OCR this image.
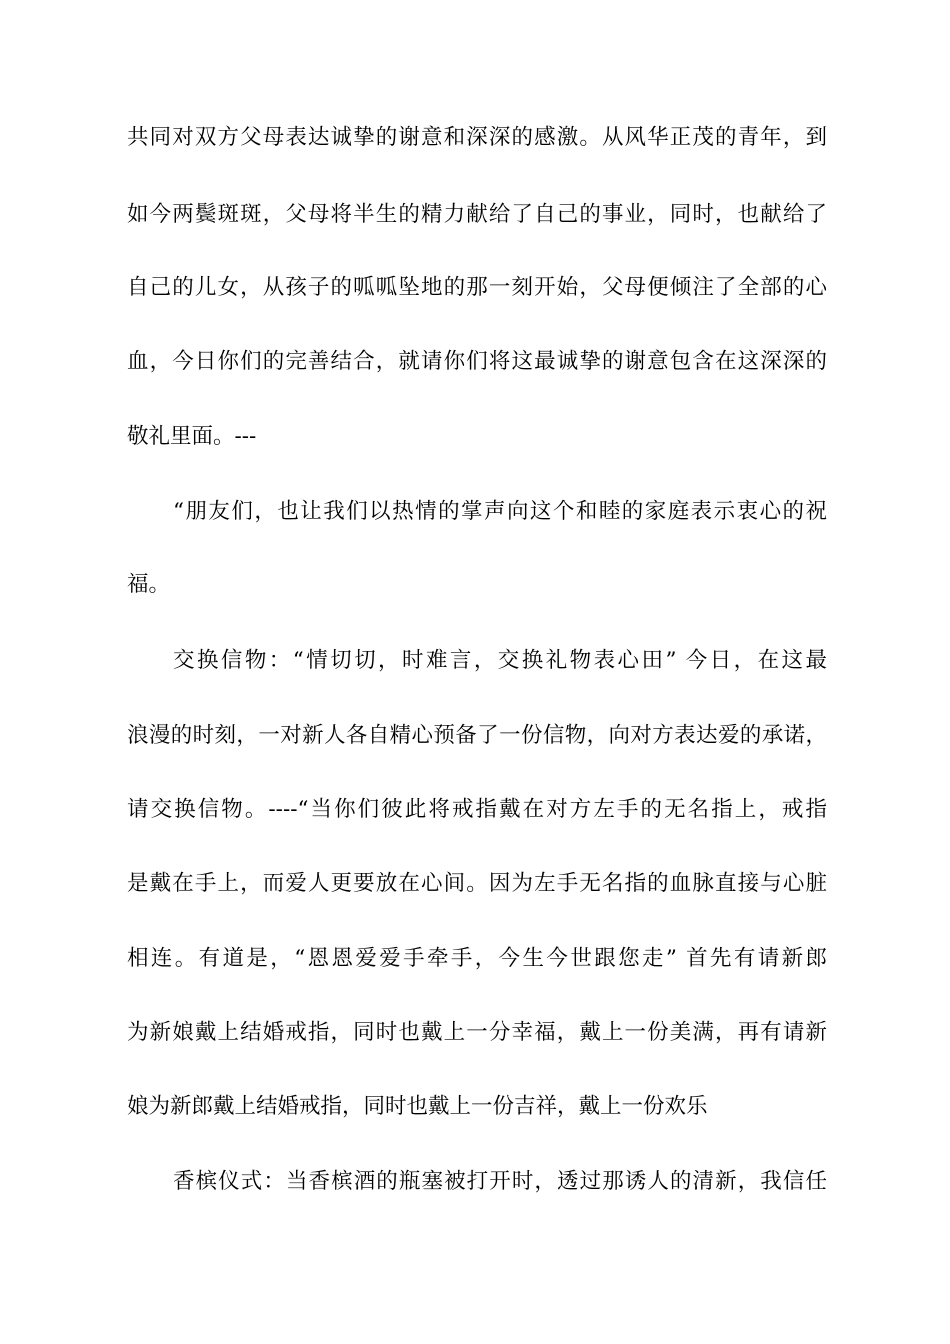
共同对双方父母表达诚挚的谢意和深深的感激。从风华正茂的青年，到
如今两鬓斑斑，父母将半生的精力献给了自己的事业，同时，也献给了
自己的儿女，从孩子的呱呱坠地的那一刻开始，父母便倾注了全部的心
血，今日你们的完善结合，就请你们将这最诚挚的谢意包含在这深深的
敬礼里面。---
“朋友们，也让我们以热情的掌声向这个和睦的家庭表示衷心的祝
福。
交换信物：“情切切，时难言，交换礼物表心田” 今日，在这最
浪漫的时刻，一对新人各自精心预备了一份信物，向对方表达爱的承诺，
请交换信物。----“当你们彼此将戒指戴在对方左手的无名指上，戒指
是戴在手上，而爱人更要放在心间。因为左手无名指的血脉直接与心脏
相连。有道是，“恩恩爱爱手牵手，今生今世跟您走” 首先有请新郎
为新娘戴上结婚戒指，同时也戴上一分幸福，戴上一份美满，再有请新
娘为新郎戴上结婚戒指，同时也戴上一份吉祥，戴上一份欢乐
香槟仪式：当香槟酒的瓶塞被打开时，透过那诱人的清新，我信任
